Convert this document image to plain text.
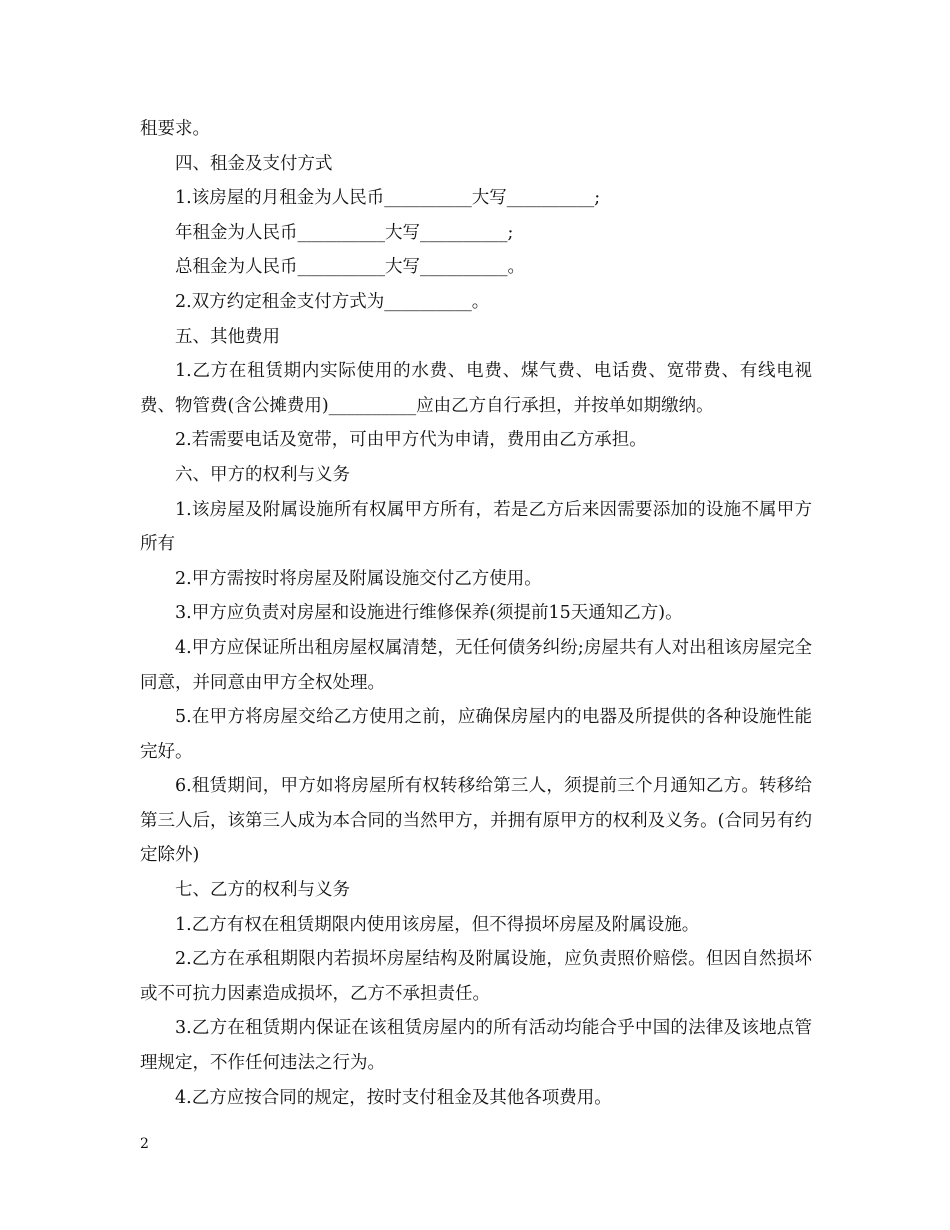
租要求。

四、租金及支付方式

1.该房屋的月租金为人民币__________大写__________;

年租金为人民币__________大写__________;

总租金为人民币__________大写__________。

2.双方约定租金支付方式为__________。

五、其他费用

1.乙方在租赁期内实际使用的水费、电费、煤气费、电话费、宽带费、有线电视费、物管费(含公摊费用)__________应由乙方自行承担，并按单如期缴纳。

2.若需要电话及宽带，可由甲方代为申请，费用由乙方承担。

六、甲方的权利与义务

1.该房屋及附属设施所有权属甲方所有，若是乙方后来因需要添加的设施不属甲方所有

2.甲方需按时将房屋及附属设施交付乙方使用。

3.甲方应负责对房屋和设施进行维修保养(须提前15天通知乙方)。

4.甲方应保证所出租房屋权属清楚，无任何债务纠纷;房屋共有人对出租该房屋完全同意，并同意由甲方全权处理。

5.在甲方将房屋交给乙方使用之前，应确保房屋内的电器及所提供的各种设施性能完好。

6.租赁期间，甲方如将房屋所有权转移给第三人，须提前三个月通知乙方。转移给第三人后，该第三人成为本合同的当然甲方，并拥有原甲方的权利及义务。(合同另有约定除外)

七、乙方的权利与义务

1.乙方有权在租赁期限内使用该房屋，但不得损坏房屋及附属设施。

2.乙方在承租期限内若损坏房屋结构及附属设施，应负责照价赔偿。但因自然损坏或不可抗力因素造成损坏，乙方不承担责任。

3.乙方在租赁期内保证在该租赁房屋内的所有活动均能合乎中国的法律及该地点管理规定，不作任何违法之行为。

4.乙方应按合同的规定，按时支付租金及其他各项费用。

2
